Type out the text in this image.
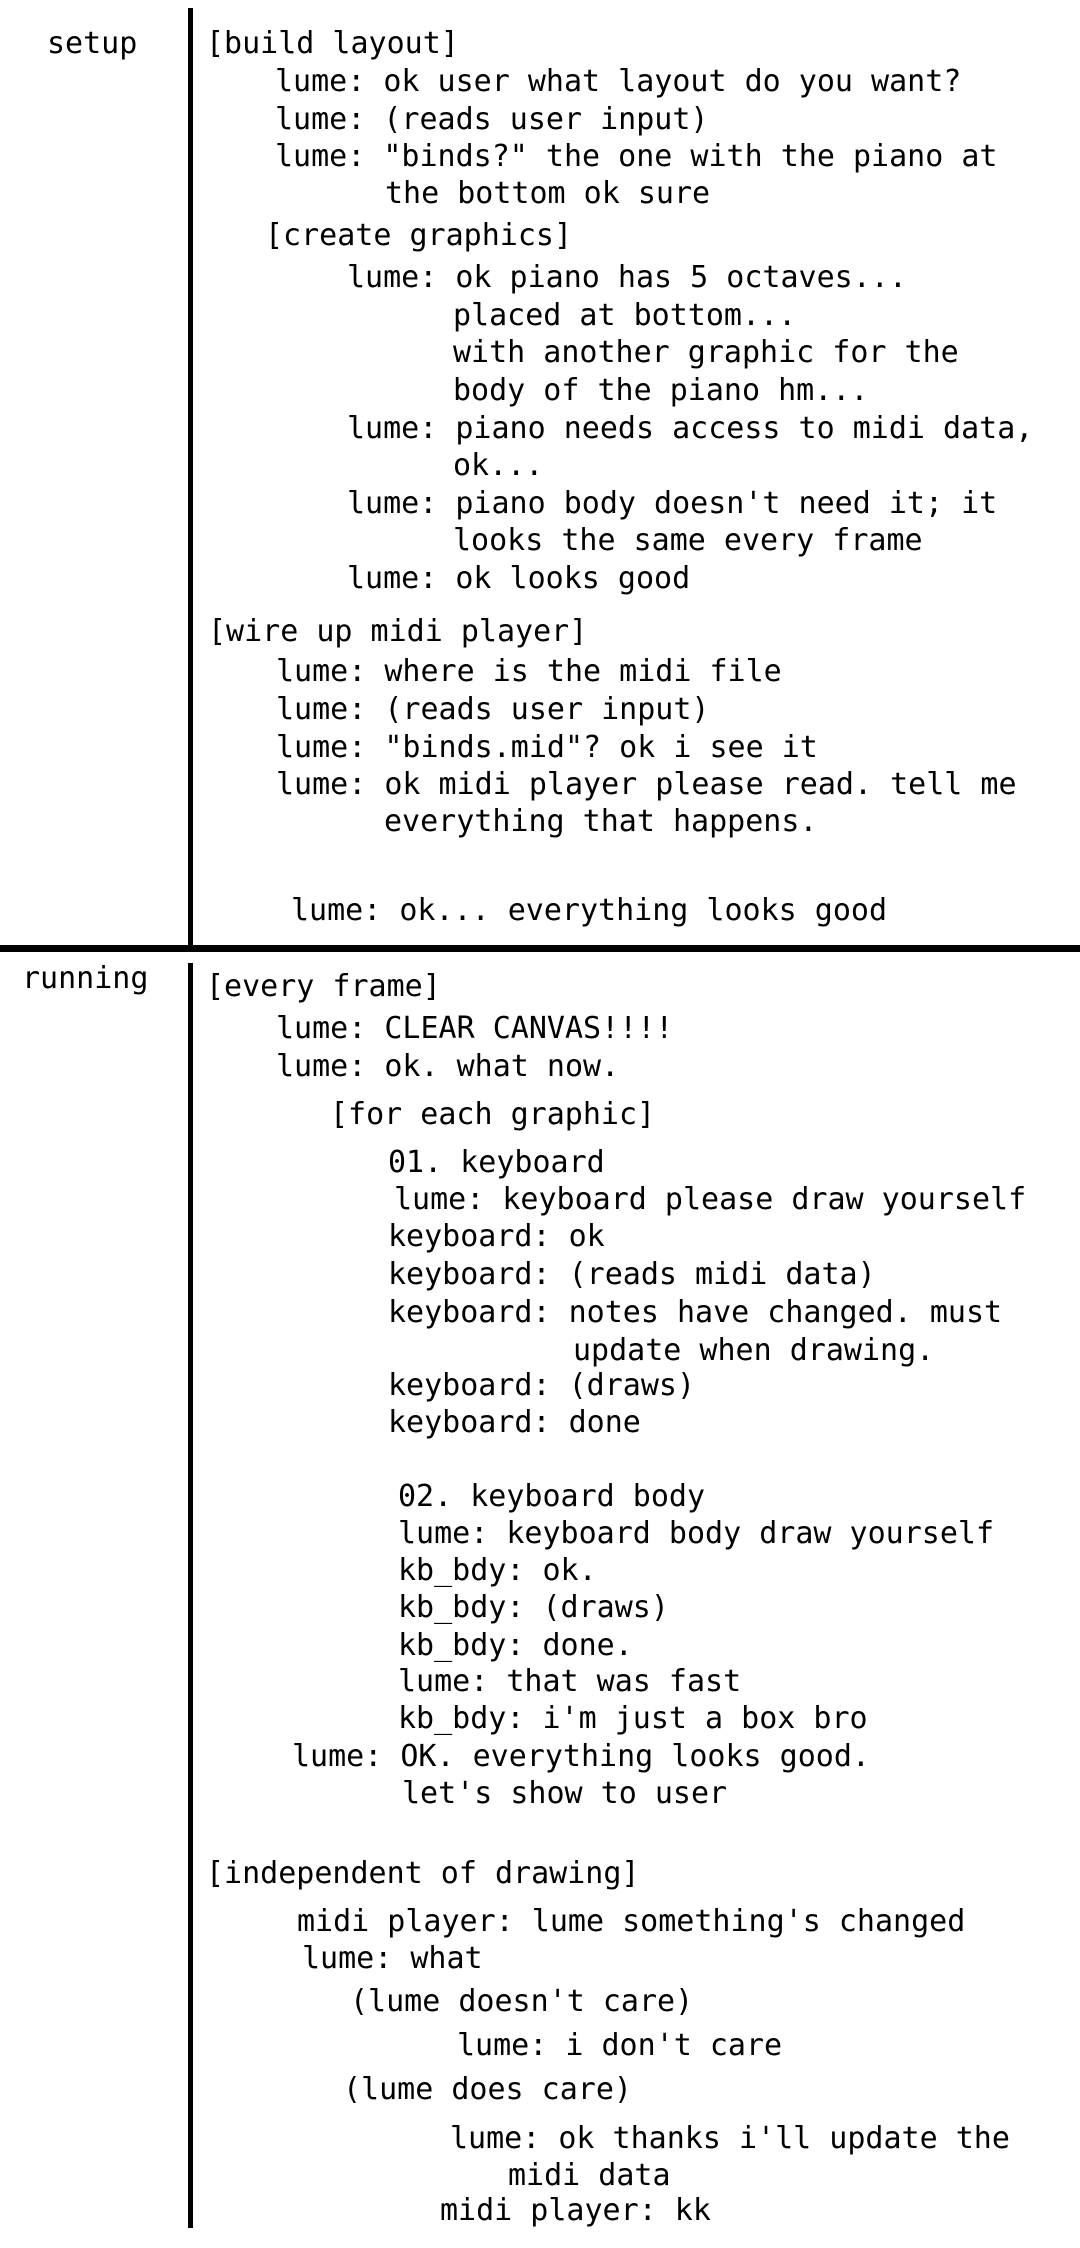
setup
running
[build layout]
lume: ok user what layout do you want?
lume: (reads user input)
lume: "binds?" the one with the piano at
the bottom ok sure
[create graphics]
lume: ok piano has 5 octaves...
placed at bottom...
with another graphic for the
body of the piano hm...
lume: piano needs access to midi data,
ok...
lume: piano body doesn't need it; it
looks the same every frame
lume: ok looks good
[wire up midi player]
lume: where is the midi file
lume: (reads user input)
lume: "binds.mid"? ok i see it
lume: ok midi player please read. tell me
everything that happens.
lume: ok... everything looks good
[every frame]
lume: CLEAR CANVAS!!!!
lume: ok. what now.
[for each graphic]
01. keyboard
lume: keyboard please draw yourself
keyboard: ok
keyboard: (reads midi data)
keyboard: notes have changed. must
update when drawing.
keyboard: (draws)
keyboard: done
02. keyboard body
lume: keyboard body draw yourself
kb_bdy: ok.
kb_bdy: (draws)
kb_bdy: done.
lume: that was fast
kb_bdy: i'm just a box bro
lume: OK. everything looks good.
let's show to user
[independent of drawing]
midi player: lume something's changed
lume: what
(lume doesn't care)
lume: i don't care
(lume does care)
lume: ok thanks i'll update the
midi data
midi player: kk
